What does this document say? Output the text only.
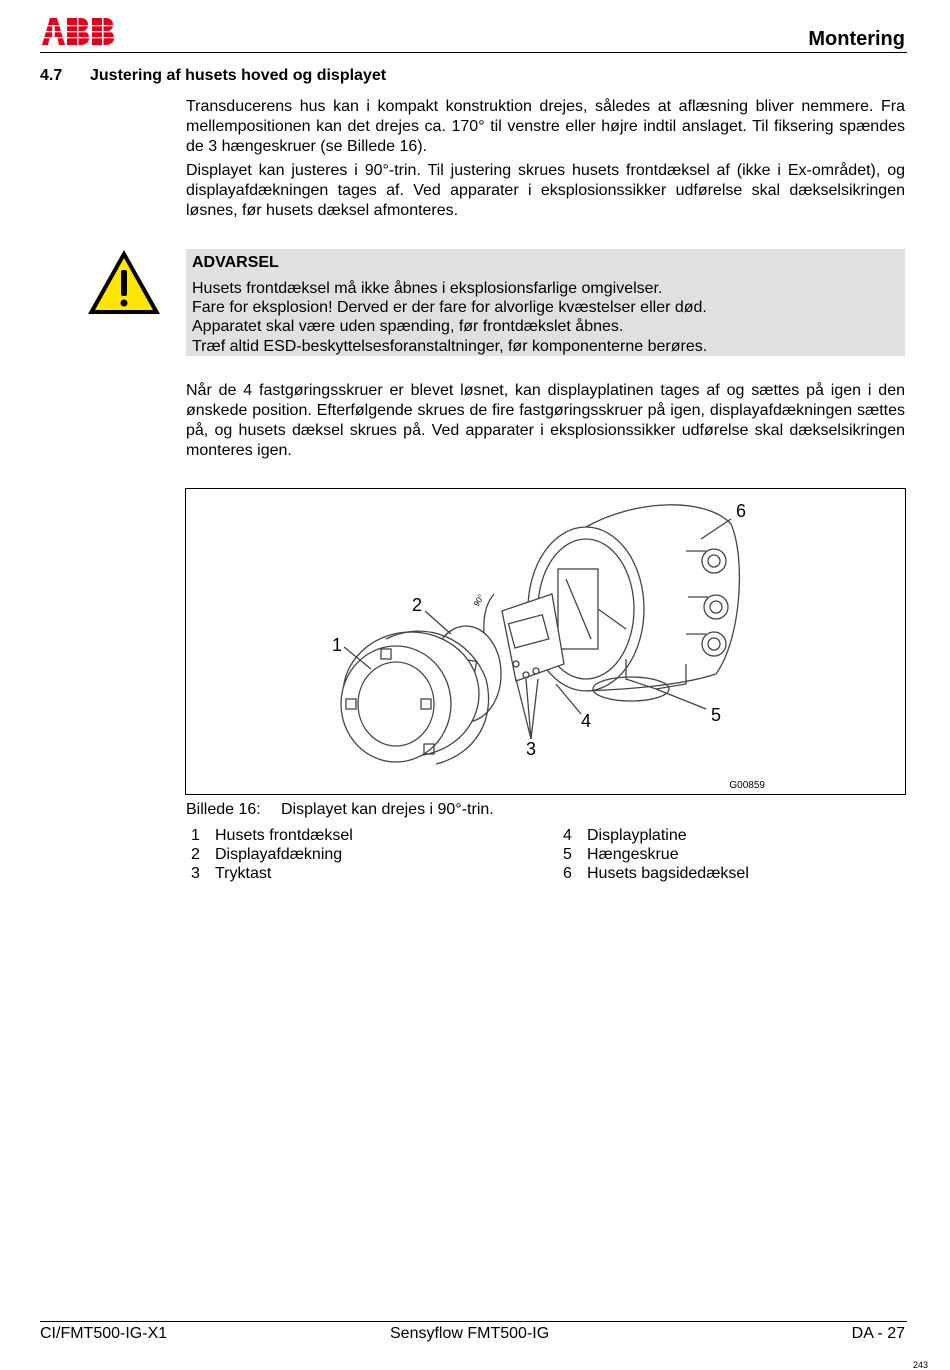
Montering
4.7 Justering af husets hoved og displayet

Transducerens hus kan i kompakt konstruktion drejes, således at aflæsning bliver nemmere. Fra mellempositionen kan det drejes ca. 170° til venstre eller højre indtil anslaget. Til fiksering spændes de 3 hængeskruer (se Billede 16).

Displayet kan justeres i 90°-trin. Til justering skrues husets frontdæksel af (ikke i Ex-området), og displayafdækningen tages af. Ved apparater i eksplosionssikker udførelse skal dækselsikringen løsnes, før husets dæksel afmonteres.

ADVARSEL
Husets frontdæksel må ikke åbnes i eksplosionsfarlige omgivelser.
Fare for eksplosion! Derved er der fare for alvorlige kvæstelser eller død.
Apparatet skal være uden spænding, før frontdækslet åbnes.
Træf altid ESD-beskyttelsesforanstaltninger, før komponenterne berøres.

Når de 4 fastgøringsskruer er blevet løsnet, kan displayplatinen tages af og sættes på igen i den ønskede position. Efterfølgende skrues de fire fastgøringsskruer på igen, displayafdækningen sættes på, og husets dæksel skrues på. Ved apparater i eksplosionssikker udførelse skal dækselsikringen monteres igen.

1
2
3
4	5
6
90°
G00859
Billede 16: Displayet kan drejes i 90°-trin.
1 Husets frontdæksel
2 Displayafdækning
3 Tryktast
4 Displayplatine
5 Hængeskrue
6 Husets bagsidedæksel
CI/FMT500-IG-X1	Sensyflow FMT500-IG	DA - 27
243
